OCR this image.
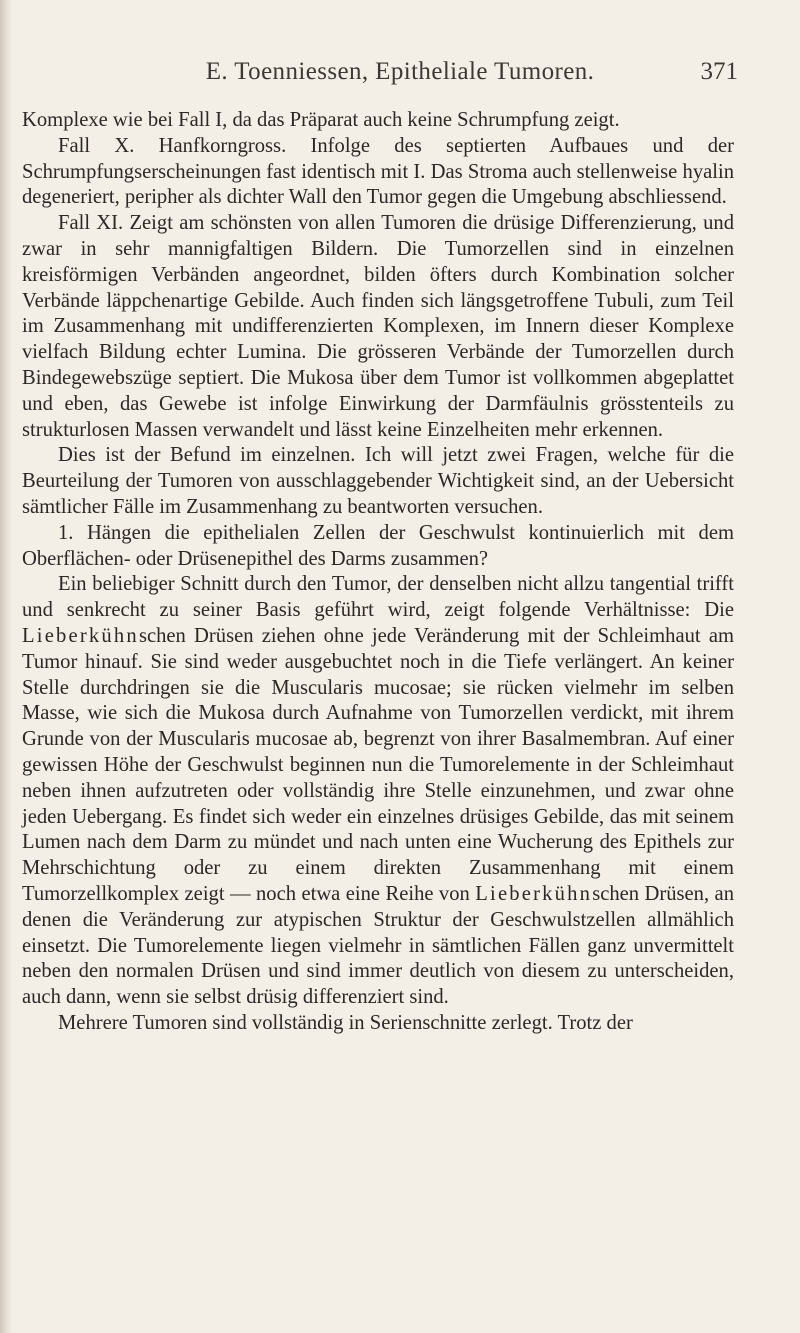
E. Toenniessen, Epitheliale Tumoren.	371

Komplexe wie bei Fall I, da das Präparat auch keine Schrumpfung zeigt.

Fall X. Hanfkorngross. Infolge des septierten Aufbaues und der Schrumpfungserscheinungen fast identisch mit I. Das Stroma auch stellenweise hyalin degeneriert, peripher als dichter Wall den Tumor gegen die Umgebung abschliessend.

Fall XI. Zeigt am schönsten von allen Tumoren die drüsige Differenzierung, und zwar in sehr mannigfaltigen Bildern. Die Tumorzellen sind in einzelnen kreisförmigen Verbänden angeordnet, bilden öfters durch Kombination solcher Verbände läppchenartige Gebilde. Auch finden sich längsgetroffene Tubuli, zum Teil im Zusammenhang mit undifferenzierten Komplexen, im Innern dieser Komplexe vielfach Bildung echter Lumina. Die grösseren Verbände der Tumorzellen durch Bindegewebszüge septiert. Die Mukosa über dem Tumor ist vollkommen abgeplattet und eben, das Gewebe ist infolge Einwirkung der Darmfäulnis grösstenteils zu strukturlosen Massen verwandelt und lässt keine Einzelheiten mehr erkennen.

Dies ist der Befund im einzelnen. Ich will jetzt zwei Fragen, welche für die Beurteilung der Tumoren von ausschlaggebender Wichtigkeit sind, an der Uebersicht sämtlicher Fälle im Zusammenhang zu beantworten versuchen.

1. Hängen die epithelialen Zellen der Geschwulst kontinuierlich mit dem Oberflächen- oder Drüsenepithel des Darms zusammen?

Ein beliebiger Schnitt durch den Tumor, der denselben nicht allzu tangential trifft und senkrecht zu seiner Basis geführt wird, zeigt folgende Verhältnisse: Die Lieberkühnschen Drüsen ziehen ohne jede Veränderung mit der Schleimhaut am Tumor hinauf. Sie sind weder ausgebuchtet noch in die Tiefe verlängert. An keiner Stelle durchdringen sie die Muscularis mucosae; sie rücken vielmehr im selben Masse, wie sich die Mukosa durch Aufnahme von Tumorzellen verdickt, mit ihrem Grunde von der Muscularis mucosae ab, begrenzt von ihrer Basalmembran. Auf einer gewissen Höhe der Geschwulst beginnen nun die Tumorelemente in der Schleimhaut neben ihnen aufzutreten oder vollständig ihre Stelle einzunehmen, und zwar ohne jeden Uebergang. Es findet sich weder ein einzelnes drüsiges Gebilde, das mit seinem Lumen nach dem Darm zu mündet und nach unten eine Wucherung des Epithels zur Mehrschichtung oder zu einem direkten Zusammenhang mit einem Tumorzellkomplex zeigt — noch etwa eine Reihe von Lieberkühnschen Drüsen, an denen die Veränderung zur atypischen Struktur der Geschwulstzellen allmählich einsetzt. Die Tumorelemente liegen vielmehr in sämtlichen Fällen ganz unvermittelt neben den normalen Drüsen und sind immer deutlich von diesem zu unterscheiden, auch dann, wenn sie selbst drüsig differenziert sind.

Mehrere Tumoren sind vollständig in Serienschnitte zerlegt. Trotz der
